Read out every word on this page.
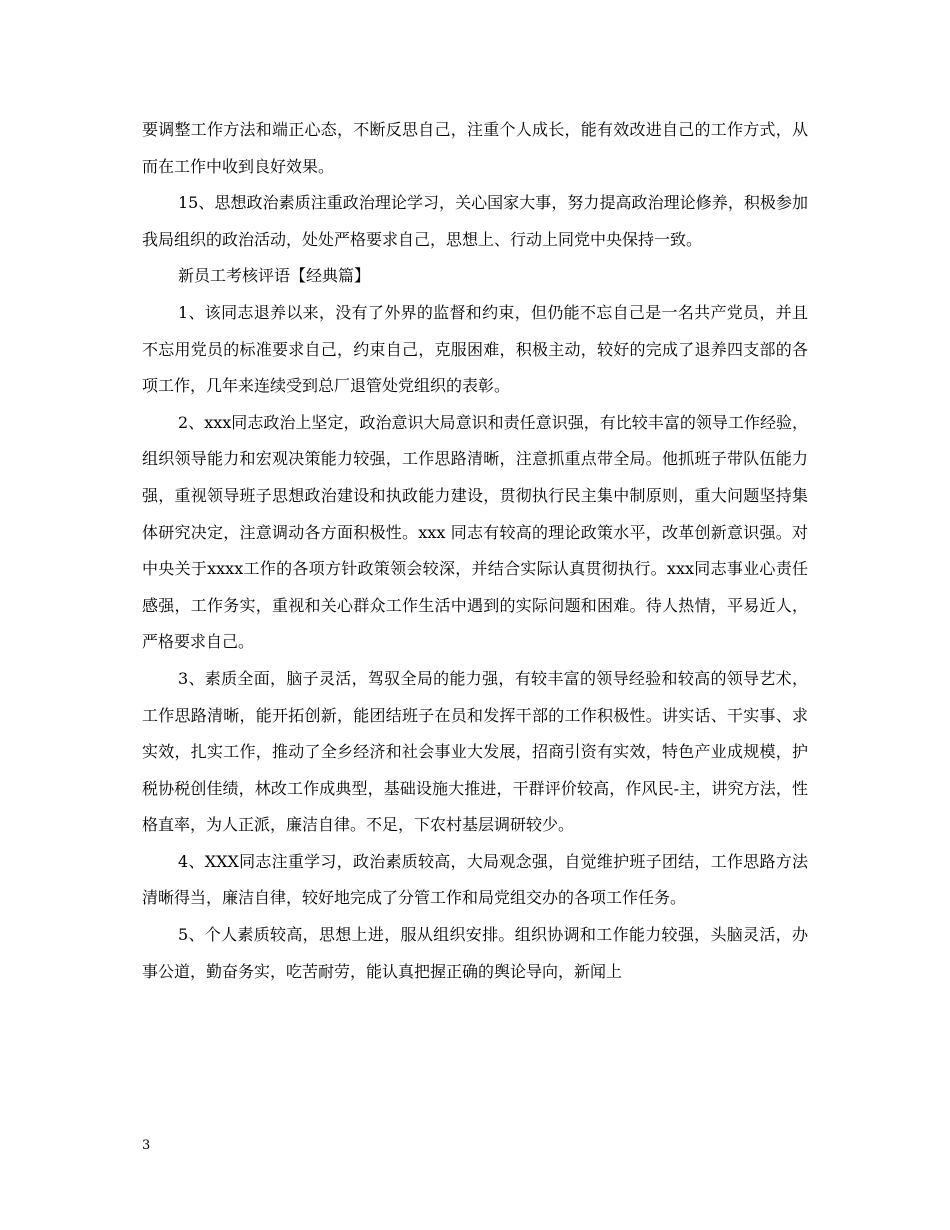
要调整工作方法和端正心态，不断反思自己，注重个人成长，能有效改进自己的工作方式，从而在工作中收到良好效果。

15、思想政治素质注重政治理论学习，关心国家大事，努力提高政治理论修养，积极参加我局组织的政治活动，处处严格要求自己，思想上、行动上同党中央保持一致。

新员工考核评语【经典篇】

1、该同志退养以来，没有了外界的监督和约束，但仍能不忘自己是一名共产党员，并且不忘用党员的标准要求自己，约束自己，克服困难，积极主动，较好的完成了退养四支部的各项工作，几年来连续受到总厂退管处党组织的表彰。

2、xxx同志政治上坚定，政治意识大局意识和责任意识强，有比较丰富的领导工作经验，组织领导能力和宏观决策能力较强，工作思路清晰，注意抓重点带全局。他抓班子带队伍能力强，重视领导班子思想政治建设和执政能力建设，贯彻执行民主集中制原则，重大问题坚持集体研究决定，注意调动各方面积极性。xxx 同志有较高的理论政策水平，改革创新意识强。对中央关于xxxx工作的各项方针政策领会较深，并结合实际认真贯彻执行。xxx同志事业心责任感强，工作务实，重视和关心群众工作生活中遇到的实际问题和困难。待人热情，平易近人，严格要求自己。

3、素质全面，脑子灵活，驾驭全局的能力强，有较丰富的领导经验和较高的领导艺术，工作思路清晰，能开拓创新，能团结班子在员和发挥干部的工作积极性。讲实话、干实事、求实效，扎实工作，推动了全乡经济和社会事业大发展，招商引资有实效，特色产业成规模，护税协税创佳绩，林改工作成典型，基础设施大推进，干群评价较高，作风民-主，讲究方法，性格直率，为人正派，廉洁自律。不足，下农村基层调研较少。

4、XXX同志注重学习，政治素质较高，大局观念强，自觉维护班子团结，工作思路方法清晰得当，廉洁自律，较好地完成了分管工作和局党组交办的各项工作任务。

5、个人素质较高，思想上进，服从组织安排。组织协调和工作能力较强，头脑灵活，办事公道，勤奋务实，吃苦耐劳，能认真把握正确的舆论导向，新闻上

3
